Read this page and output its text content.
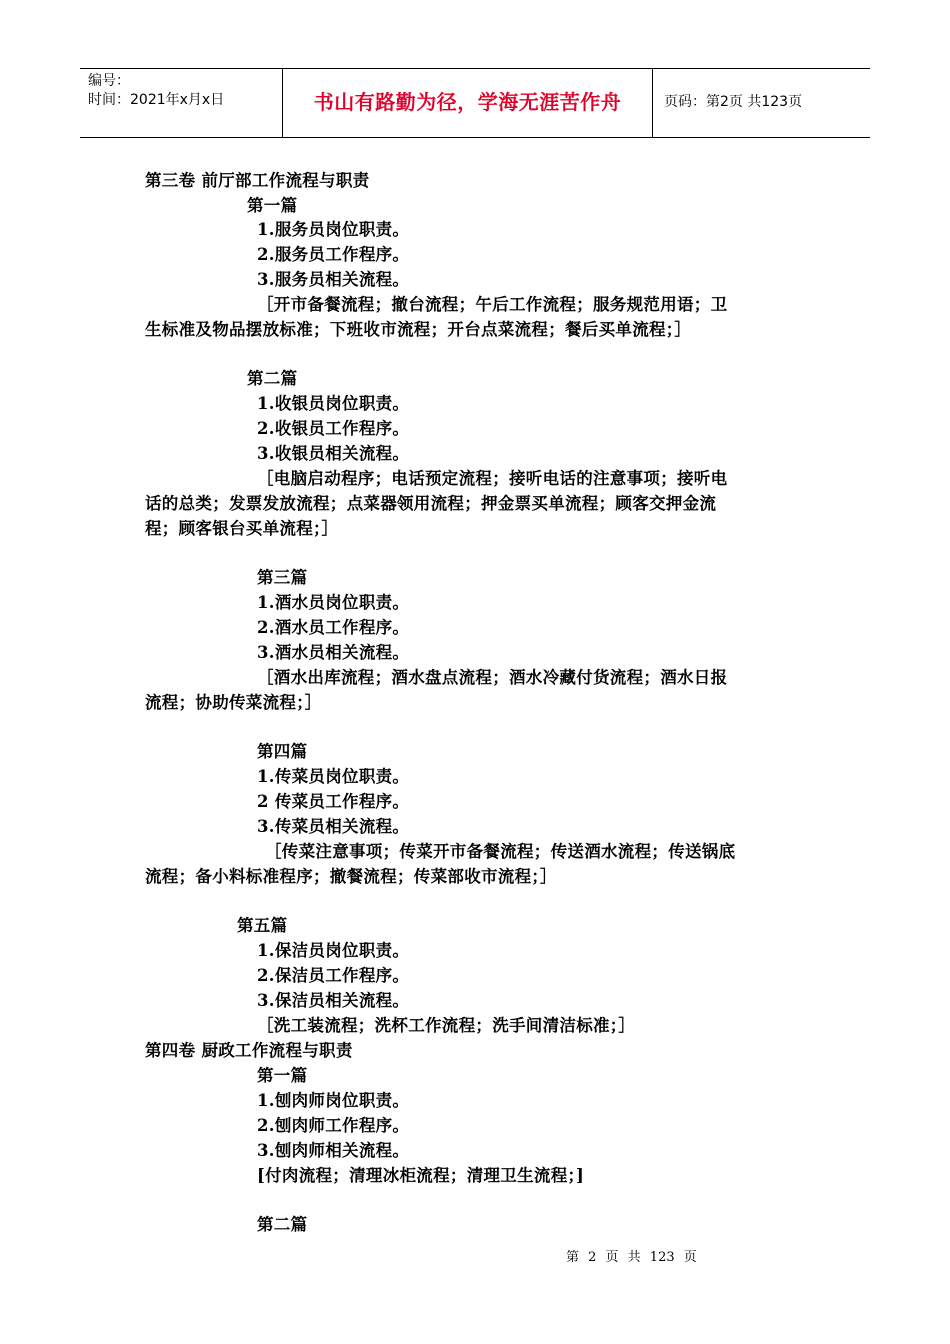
编号：
时间：2021年x月x日	书山有路勤为径，学海无涯苦作舟	页码：第2页 共123页
第三卷 前厅部工作流程与职责
第一篇
1.服务员岗位职责。
2.服务员工作程序。
3.服务员相关流程。
［开市备餐流程；撤台流程；午后工作流程；服务规范用语；卫
生标准及物品摆放标准；下班收市流程；开台点菜流程；餐后买单流程；］
第二篇
1.收银员岗位职责。
2.收银员工作程序。
3.收银员相关流程。
［电脑启动程序；电话预定流程；接听电话的注意事项；接听电
话的总类；发票发放流程；点菜器领用流程；押金票买单流程；顾客交押金流
程；顾客银台买单流程；］
第三篇
1.酒水员岗位职责。
2.酒水员工作程序。
3.酒水员相关流程。
［酒水出库流程；酒水盘点流程；酒水冷藏付货流程；酒水日报
流程；协助传菜流程；］
第四篇
1.传菜员岗位职责。
2 传菜员工作程序。
3.传菜员相关流程。
［传菜注意事项；传菜开市备餐流程；传送酒水流程；传送锅底
流程；备小料标准程序；撤餐流程；传菜部收市流程；］
第五篇
1.保洁员岗位职责。
2.保洁员工作程序。
3.保洁员相关流程。
［洗工装流程；洗杯工作流程；洗手间清洁标准；］
第四卷 厨政工作流程与职责
第一篇
1.刨肉师岗位职责。
2.刨肉师工作程序。
3.刨肉师相关流程。
[付肉流程；清理冰柜流程；清理卫生流程；]
第二篇
第 2 页 共 123 页
